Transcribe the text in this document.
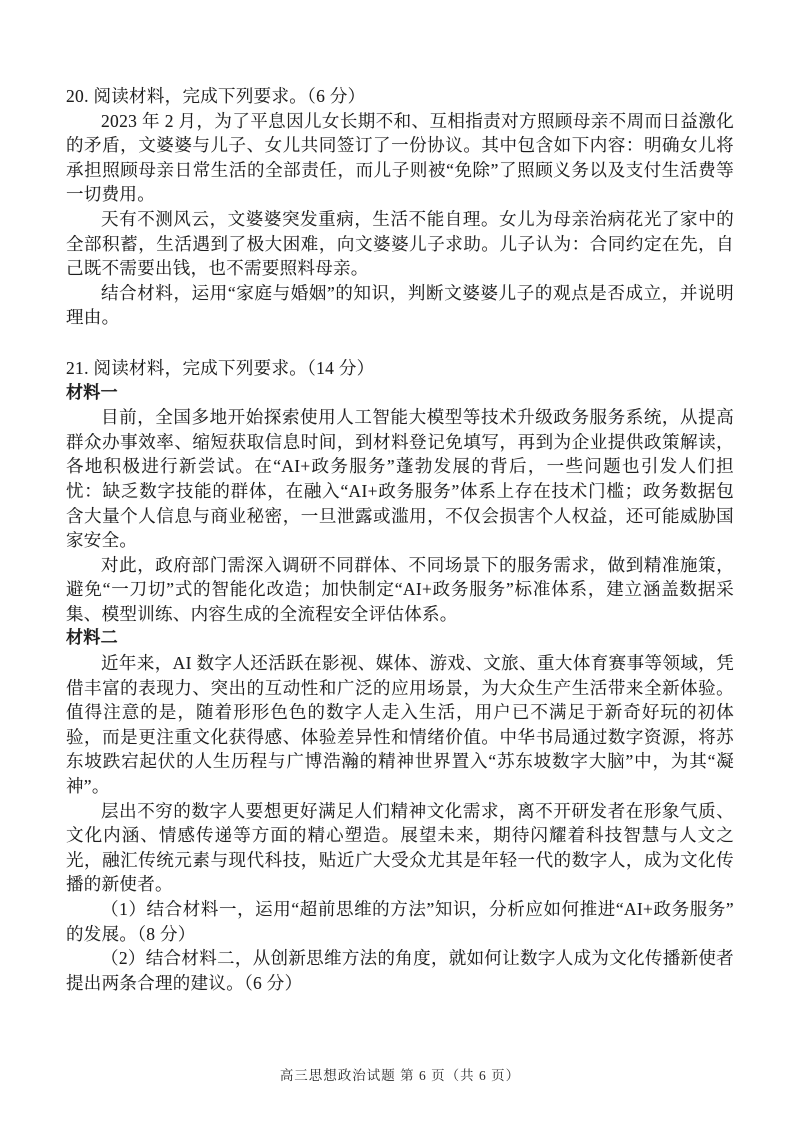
20. 阅读材料，完成下列要求。（6 分）

2023 年 2 月，为了平息因儿女长期不和、互相指责对方照顾母亲不周而日益激化的矛盾，文婆婆与儿子、女儿共同签订了一份协议。其中包含如下内容：明确女儿将承担照顾母亲日常生活的全部责任，而儿子则被“免除”了照顾义务以及支付生活费等一切费用。

天有不测风云，文婆婆突发重病，生活不能自理。女儿为母亲治病花光了家中的全部积蓄，生活遇到了极大困难，向文婆婆儿子求助。儿子认为：合同约定在先，自己既不需要出钱，也不需要照料母亲。

结合材料，运用“家庭与婚姻”的知识，判断文婆婆儿子的观点是否成立，并说明理由。

21. 阅读材料，完成下列要求。（14 分）

材料一

目前，全国多地开始探索使用人工智能大模型等技术升级政务服务系统，从提高群众办事效率、缩短获取信息时间，到材料登记免填写，再到为企业提供政策解读，各地积极进行新尝试。在“AI+政务服务”蓬勃发展的背后，一些问题也引发人们担忧：缺乏数字技能的群体，在融入“AI+政务服务”体系上存在技术门槛；政务数据包含大量个人信息与商业秘密，一旦泄露或滥用，不仅会损害个人权益，还可能威胁国家安全。

对此，政府部门需深入调研不同群体、不同场景下的服务需求，做到精准施策，避免“一刀切”式的智能化改造；加快制定“AI+政务服务”标准体系，建立涵盖数据采集、模型训练、内容生成的全流程安全评估体系。

材料二

近年来，AI 数字人还活跃在影视、媒体、游戏、文旅、重大体育赛事等领域，凭借丰富的表现力、突出的互动性和广泛的应用场景，为大众生产生活带来全新体验。值得注意的是，随着形形色色的数字人走入生活，用户已不满足于新奇好玩的初体验，而是更注重文化获得感、体验差异性和情绪价值。中华书局通过数字资源，将苏东坡跌宕起伏的人生历程与广博浩瀚的精神世界置入“苏东坡数字大脑”中，为其“凝神”。

层出不穷的数字人要想更好满足人们精神文化需求，离不开研发者在形象气质、文化内涵、情感传递等方面的精心塑造。展望未来，期待闪耀着科技智慧与人文之光，融汇传统元素与现代科技，贴近广大受众尤其是年轻一代的数字人，成为文化传播的新使者。

（1）结合材料一，运用“超前思维的方法”知识，分析应如何推进“AI+政务服务”的发展。（8 分）

（2）结合材料二，从创新思维方法的角度，就如何让数字人成为文化传播新使者提出两条合理的建议。（6 分）

高三思想政治试题 第 6 页（共 6 页）
